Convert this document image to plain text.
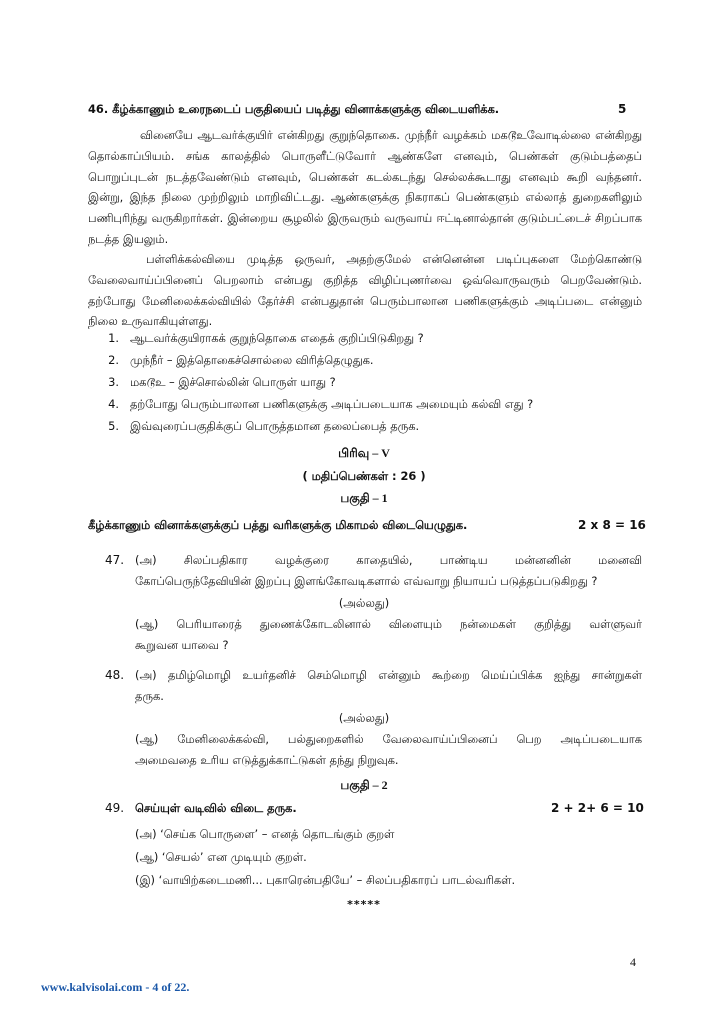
46. கீழ்க்காணும் உரைநடைப் பகுதியைப் படித்து வினாக்களுக்கு விடையளிக்க.	5

வினையே ஆடவர்க்குயிர் என்கிறது குறுந்தொகை. முந்நீர் வழக்கம் மகடூஉவோடில்லை என்கிறது தொல்காப்பியம். சங்க காலத்தில் பொருளீட்டுவோர் ஆண்களே எனவும், பெண்கள் குடும்பத்தைப் பொறுப்புடன் நடத்தவேண்டும் எனவும், பெண்கள் கடல்கடந்து செல்லக்கூடாது எனவும் கூறி வந்தனர். இன்று, இந்த நிலை முற்றிலும் மாறிவிட்டது. ஆண்களுக்கு நிகராகப் பெண்களும் எல்லாத் துறைகளிலும் பணிபுரிந்து வருகிறார்கள். இன்றைய சூழலில் இருவரும் வருவாய் ஈட்டினால்தான் குடும்பட்டைச் சிறப்பாக நடத்த இயலும்.

பள்ளிக்கல்வியை முடித்த ஒருவர், அதற்குமேல் என்னென்ன படிப்புகளை மேற்கொண்டு வேலைவாய்ப்பினைப் பெறலாம் என்பது குறித்த விழிப்புணர்வை ஒவ்வொருவரும் பெறவேண்டும். தற்போது மேனிலைக்கல்வியில் தேர்ச்சி என்பதுதான் பெரும்பாலான பணிகளுக்கும் அடிப்படை என்னும் நிலை உருவாகியுள்ளது.

1. ஆடவர்க்குயிராகக் குறுந்தொகை எதைக் குறிப்பிடுகிறது ?
2. முந்நீர் – இத்தொகைச்சொல்லை விரித்தெழுதுக.
3. மகடூஉ – இச்சொல்லின் பொருள் யாது ?
4. தற்போது பெரும்பாலான பணிகளுக்கு அடிப்படையாக அமையும் கல்வி எது ?
5. இவ்வுரைப்பகுதிக்குப் பொருத்தமான தலைப்பைத் தருக.
பிரிவு – V
( மதிப்பெண்கள் : 26 )
பகுதி – 1
கீழ்க்காணும் வினாக்களுக்குப் பத்து வரிகளுக்கு மிகாமல் விடையெழுதுக.	2 x 8 = 16
47. (அ) சிலப்பதிகார வழக்குரை காதையில், பாண்டிய மன்னனின் மனைவி
கோப்பெருந்தேவியின் இறப்பு இளங்கோவடிகளால் எவ்வாறு நியாயப் படுத்தப்படுகிறது ?
(அல்லது)
(ஆ) பெரியாரைத் துணைக்கோடலினால் விளையும் நன்மைகள் குறித்து வள்ளுவர்
கூறுவன யாவை ?
48. (அ) தமிழ்மொழி உயர்தனிச் செம்மொழி என்னும் கூற்றை மெய்ப்பிக்க ஐந்து சான்றுகள்
தருக.
(அல்லது)
(ஆ) மேனிலைக்கல்வி, பல்துறைகளில் வேலைவாய்ப்பினைப் பெற அடிப்படையாக
அமைவதை உரிய எடுத்துக்காட்டுகள் தந்து நிறுவுக.
பகுதி – 2
49. செய்யுள் வடிவில் விடை தருக.	2 + 2+ 6 = 10
(அ) ‘செய்க பொருளை’ – எனத் தொடங்கும் குறள்
(ஆ) ‘செயல்’ என முடியும் குறள்.
(இ) ‘வாயிற்கடைமணி... புகாரென்பதியே’ – சிலப்பதிகாரப் பாடல்வரிகள்.
*****
4
www.kalvisolai.com - 4 of 22.
